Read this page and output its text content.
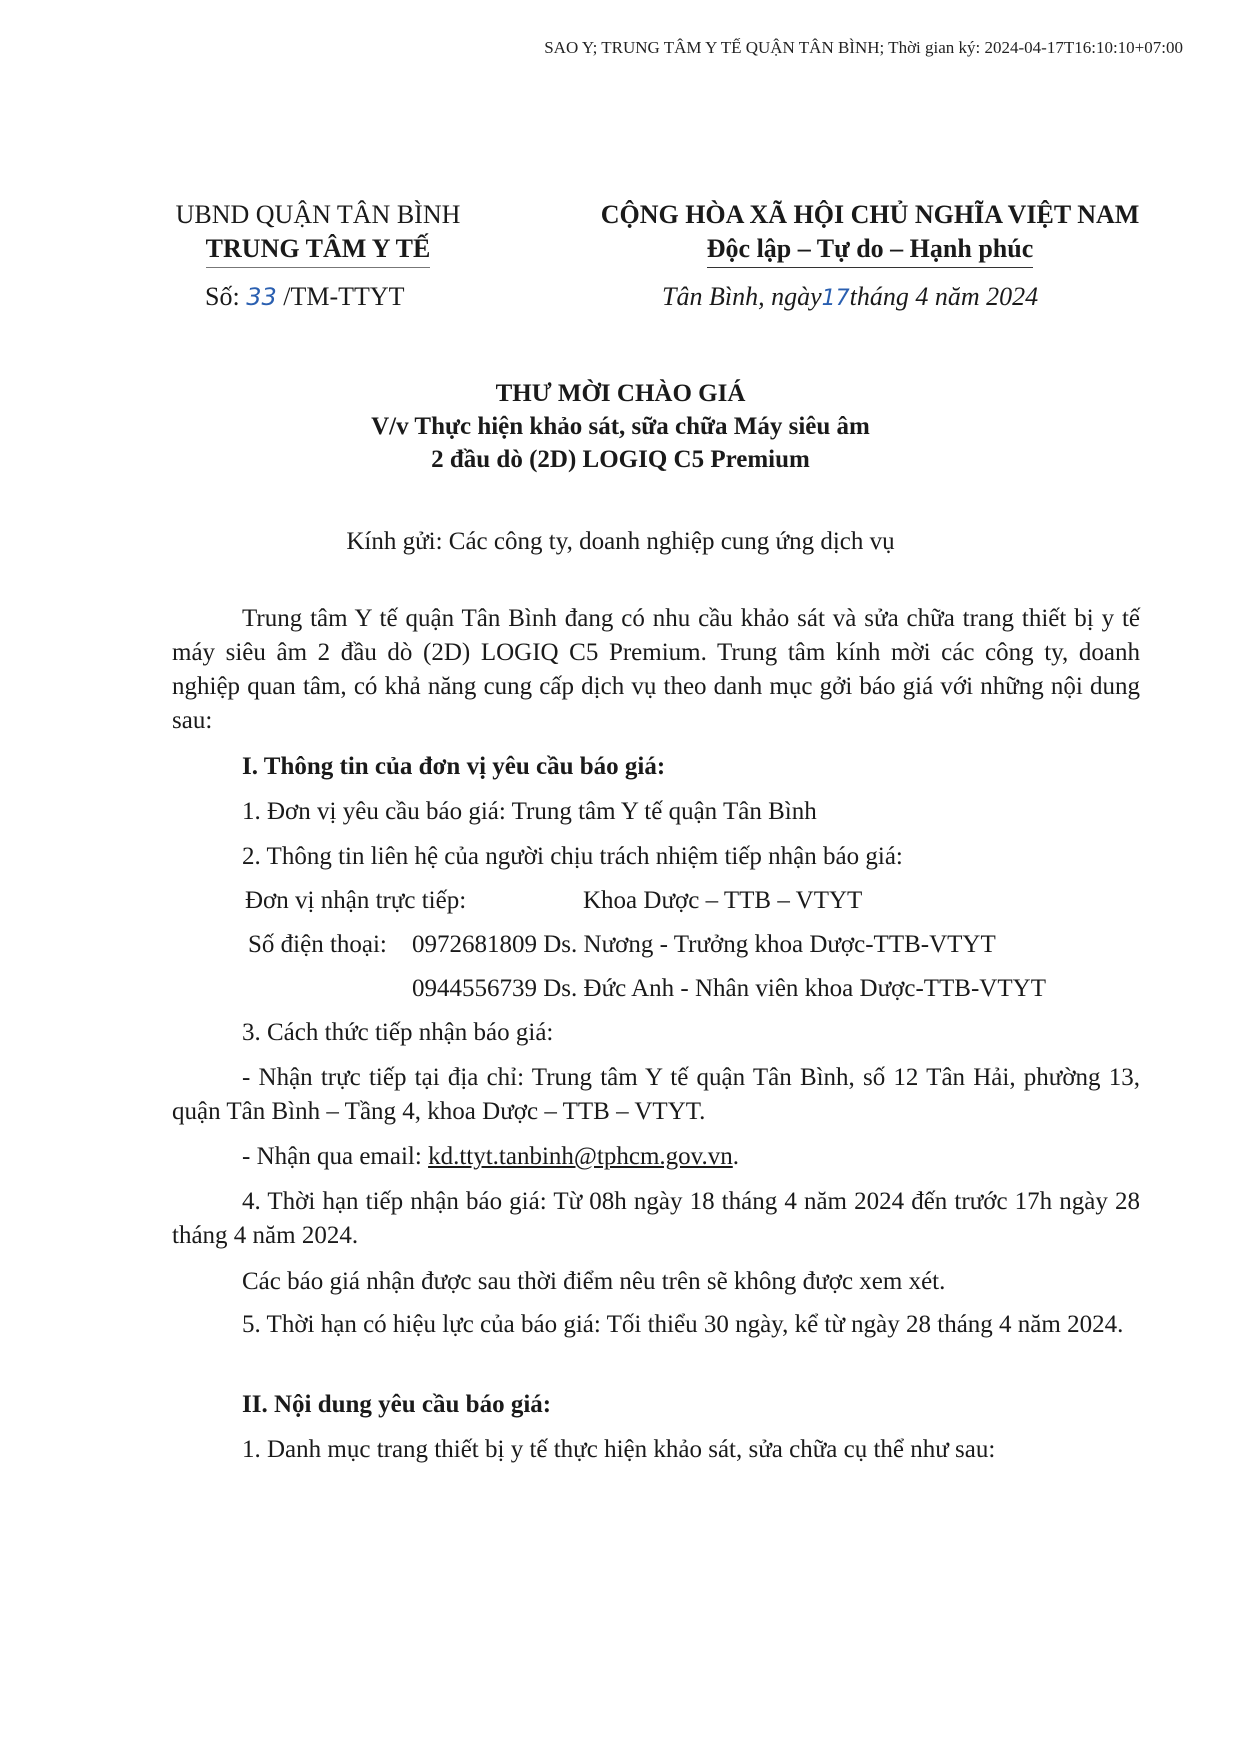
SAO Y; TRUNG TÂM Y TẾ QUẬN TÂN BÌNH; Thời gian ký: 2024-04-17T16:10:10+07:00
UBND QUẬN TÂN BÌNH
TRUNG TÂM Y TẾ
Số: 33 /TM-TTYT
CỘNG HÒA XÃ HỘI CHỦ NGHĨA VIỆT NAM
Độc lập – Tự do – Hạnh phúc
Tân Bình, ngày17tháng 4 năm 2024
THƯ MỜI CHÀO GIÁ
V/v Thực hiện khảo sát, sữa chữa Máy siêu âm
2 đầu dò (2D) LOGIQ C5 Premium
Kính gửi: Các công ty, doanh nghiệp cung ứng dịch vụ
Trung tâm Y tế quận Tân Bình đang có nhu cầu khảo sát và sửa chữa trang thiết bị y tế máy siêu âm 2 đầu dò (2D) LOGIQ C5 Premium. Trung tâm kính mời các công ty, doanh nghiệp quan tâm, có khả năng cung cấp dịch vụ theo danh mục gởi báo giá với những nội dung sau:
I. Thông tin của đơn vị yêu cầu báo giá:
1. Đơn vị yêu cầu báo giá: Trung tâm Y tế quận Tân Bình
2. Thông tin liên hệ của người chịu trách nhiệm tiếp nhận báo giá:
Đơn vị nhận trực tiếp:	Khoa Dược – TTB – VTYT
Số điện thoại: 0972681809 Ds. Nương - Trưởng khoa Dược-TTB-VTYT
0944556739 Ds. Đức Anh - Nhân viên khoa Dược-TTB-VTYT
3. Cách thức tiếp nhận báo giá:
- Nhận trực tiếp tại địa chỉ: Trung tâm Y tế quận Tân Bình, số 12 Tân Hải, phường 13, quận Tân Bình – Tầng 4, khoa Dược – TTB – VTYT.
- Nhận qua email: kd.ttyt.tanbinh@tphcm.gov.vn.
4. Thời hạn tiếp nhận báo giá: Từ 08h ngày 18 tháng 4 năm 2024 đến trước 17h ngày 28 tháng 4 năm 2024.
Các báo giá nhận được sau thời điểm nêu trên sẽ không được xem xét.
5. Thời hạn có hiệu lực của báo giá: Tối thiểu 30 ngày, kể từ ngày 28 tháng 4 năm 2024.
II. Nội dung yêu cầu báo giá:
1. Danh mục trang thiết bị y tế thực hiện khảo sát, sửa chữa cụ thể như sau:
